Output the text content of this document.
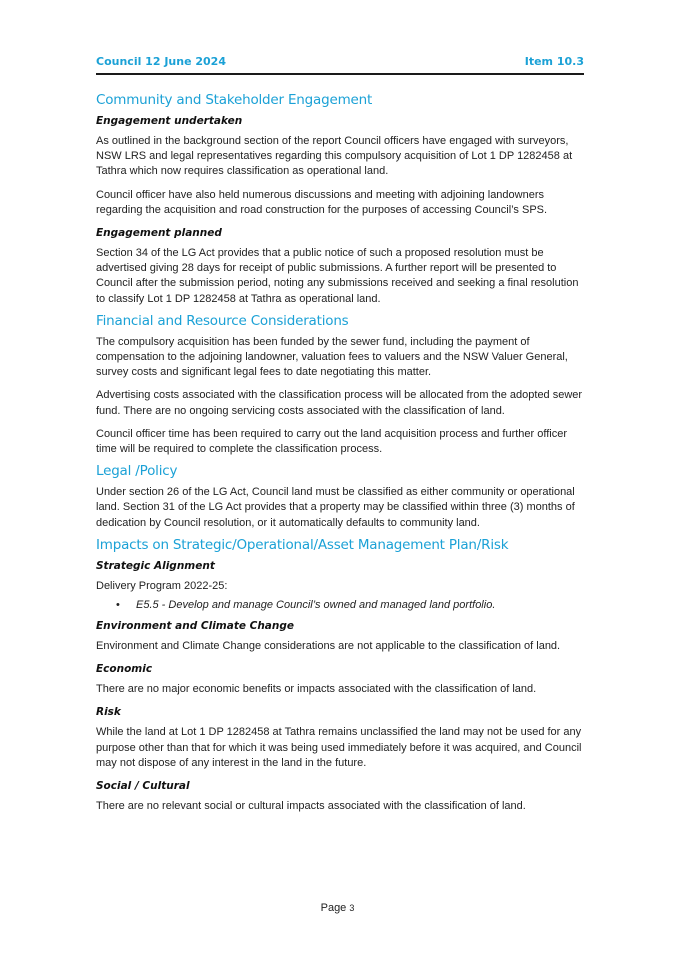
Council 12 June 2024	Item 10.3
Community and Stakeholder Engagement
Engagement undertaken

As outlined in the background section of the report Council officers have engaged with surveyors, NSW LRS and legal representatives regarding this compulsory acquisition of Lot 1 DP 1282458 at Tathra which now requires classification as operational land.

Council officer have also held numerous discussions and meeting with adjoining landowners regarding the acquisition and road construction for the purposes of accessing Council’s SPS.

Engagement planned

Section 34 of the LG Act provides that a public notice of such a proposed resolution must be advertised giving 28 days for receipt of public submissions. A further report will be presented to Council after the submission period, noting any submissions received and seeking a final resolution to classify Lot 1 DP 1282458 at Tathra as operational land.

Financial and Resource Considerations

The compulsory acquisition has been funded by the sewer fund, including the payment of compensation to the adjoining landowner, valuation fees to valuers and the NSW Valuer General, survey costs and significant legal fees to date negotiating this matter.

Advertising costs associated with the classification process will be allocated from the adopted sewer fund. There are no ongoing servicing costs associated with the classification of land.

Council officer time has been required to carry out the land acquisition process and further officer time will be required to complete the classification process.

Legal /Policy

Under section 26 of the LG Act, Council land must be classified as either community or operational land. Section 31 of the LG Act provides that a property may be classified within three (3) months of dedication by Council resolution, or it automatically defaults to community land.

Impacts on Strategic/Operational/Asset Management Plan/Risk
Strategic Alignment

Delivery Program 2022-25:

• E5.5 - Develop and manage Council’s owned and managed land portfolio.
Environment and Climate Change

Environment and Climate Change considerations are not applicable to the classification of land.

Economic

There are no major economic benefits or impacts associated with the classification of land.

Risk

While the land at Lot 1 DP 1282458 at Tathra remains unclassified the land may not be used for any purpose other than that for which it was being used immediately before it was acquired, and Council may not dispose of any interest in the land in the future.

Social / Cultural

There are no relevant social or cultural impacts associated with the classification of land.

Page 3
